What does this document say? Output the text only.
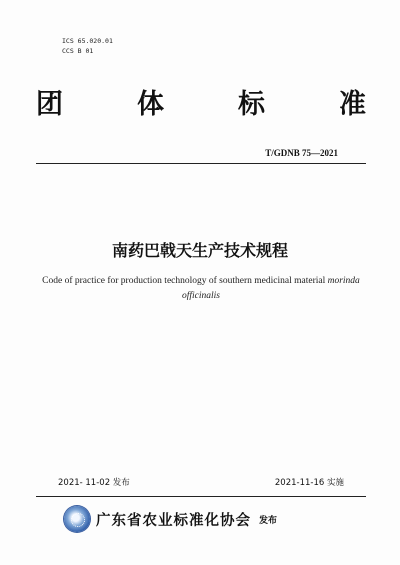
ICS 65.020.01
CCS B 01
团	体	标	准
T/GDNB 75—2021
南药巴戟天生产技术规程
Code of practice for production technology of southern medicinal material morinda officinalis
2021- 11-02 发布	2021-11-16 实施
广东省农业标准化协会 发布
